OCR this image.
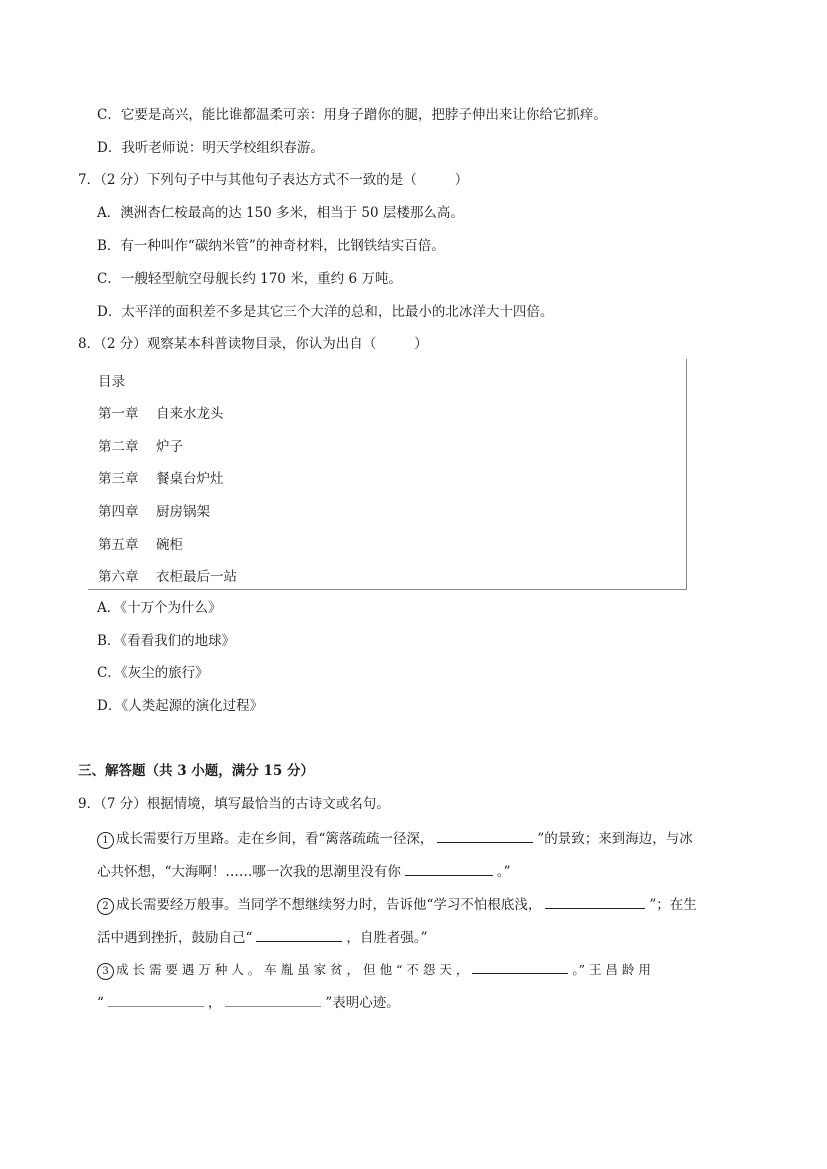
C．它要是高兴，能比谁都温柔可亲：用身子蹭你的腿，把脖子伸出来让你给它抓痒。
D．我听老师说：明天学校组织春游。
7．（2 分）下列句子中与其他句子表达方式不一致的是（	）
A．澳洲杏仁桉最高的达 150 多米，相当于 50 层楼那么高。
B．有一种叫作“碳纳米管”的神奇材料，比钢铁结实百倍。
C．一艘轻型航空母舰长约 170 米，重约 6 万吨。
D．太平洋的面积差不多是其它三个大洋的总和，比最小的北冰洋大十四倍。
8．（2 分）观察某本科普读物目录，你认为出自（	）
目录
第一章 自来水龙头
第二章 炉子
第三章 餐桌台炉灶
第四章 厨房锅架
第五章 碗柜
第六章 衣柜最后一站
A．《十万个为什么》
B．《看看我们的地球》
C．《灰尘的旅行》
D．《人类起源的演化过程》
三、解答题（共 3 小题，满分 15 分）
9．（7 分）根据情境，填写最恰当的古诗文或名句。
1 成长需要行万里路。走在乡间，看“篱落疏疏一径深，	”的景致；来到海边，与冰
心共怀想，“大海啊！……哪一次我的思潮里没有你	。”
2 成长需要经万般事。当同学不想继续努力时，告诉他“学习不怕根底浅，	”；在生
活中遇到挫折，鼓励自己“	，自胜者强。”
3 成 长 需 要 遇 万 种 人 。 车 胤 虽 家 贫 ， 但 他 “ 不 怨 天 ，	。” 王 昌 龄 用
“	，	”表明心迹。
